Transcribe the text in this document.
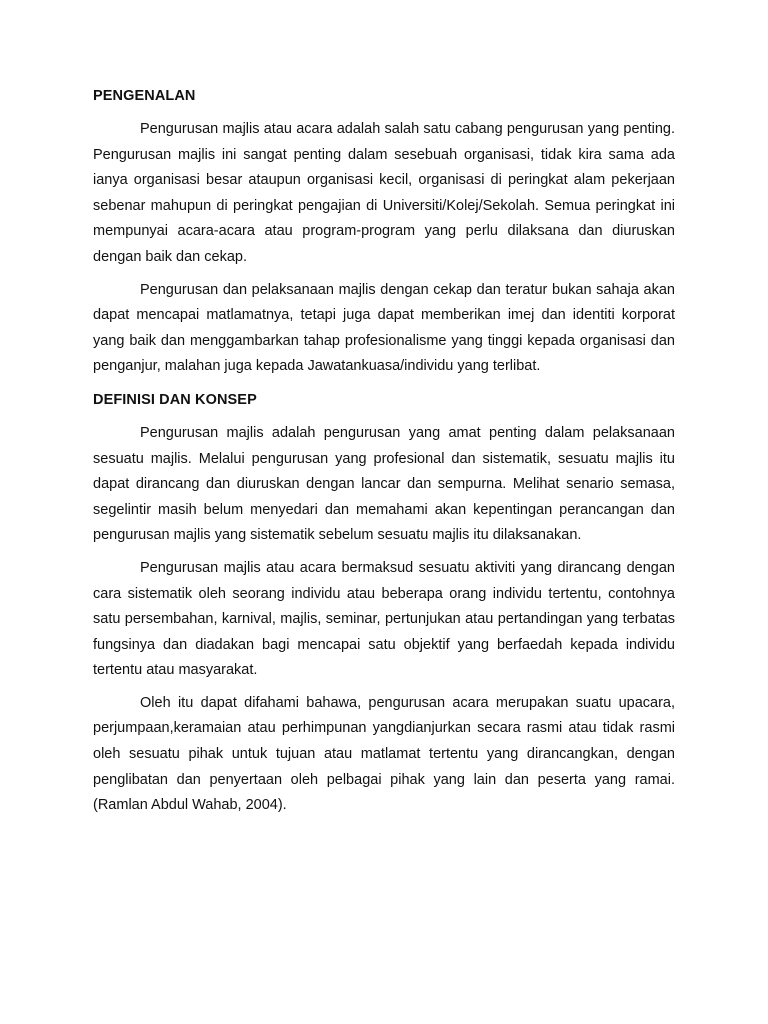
PENGENALAN

Pengurusan majlis atau acara adalah salah satu cabang pengurusan yang penting. Pengurusan majlis ini sangat penting dalam sesebuah organisasi, tidak kira sama ada ianya organisasi besar ataupun organisasi kecil, organisasi di peringkat alam pekerjaan sebenar mahupun di peringkat pengajian di Universiti/Kolej/Sekolah. Semua peringkat ini mempunyai acara-acara atau program-program yang perlu dilaksana dan diuruskan dengan baik dan cekap.

Pengurusan dan pelaksanaan majlis dengan cekap dan teratur bukan sahaja akan dapat mencapai matlamatnya, tetapi juga dapat memberikan imej dan identiti korporat yang baik dan menggambarkan tahap profesionalisme yang tinggi kepada organisasi dan penganjur, malahan juga kepada Jawatankuasa/individu yang terlibat.

DEFINISI DAN KONSEP

Pengurusan majlis adalah pengurusan yang amat penting dalam pelaksanaan sesuatu majlis. Melalui pengurusan yang profesional dan sistematik, sesuatu majlis itu dapat dirancang dan diuruskan dengan lancar dan sempurna. Melihat senario semasa, segelintir masih belum menyedari dan memahami akan kepentingan perancangan dan pengurusan majlis yang sistematik sebelum sesuatu majlis itu dilaksanakan.

Pengurusan majlis atau acara bermaksud sesuatu aktiviti yang dirancang dengan cara sistematik oleh seorang individu atau beberapa orang individu tertentu, contohnya satu persembahan, karnival, majlis, seminar, pertunjukan atau pertandingan yang terbatas fungsinya dan diadakan bagi mencapai satu objektif yang berfaedah kepada individu tertentu atau masyarakat.

Oleh itu dapat difahami bahawa, pengurusan acara merupakan suatu upacara, perjumpaan,keramaian atau perhimpunan yangdianjurkan secara rasmi atau tidak rasmi oleh sesuatu pihak untuk tujuan atau matlamat tertentu yang dirancangkan, dengan penglibatan dan penyertaan oleh pelbagai pihak yang lain dan peserta yang ramai. (Ramlan Abdul Wahab, 2004).
